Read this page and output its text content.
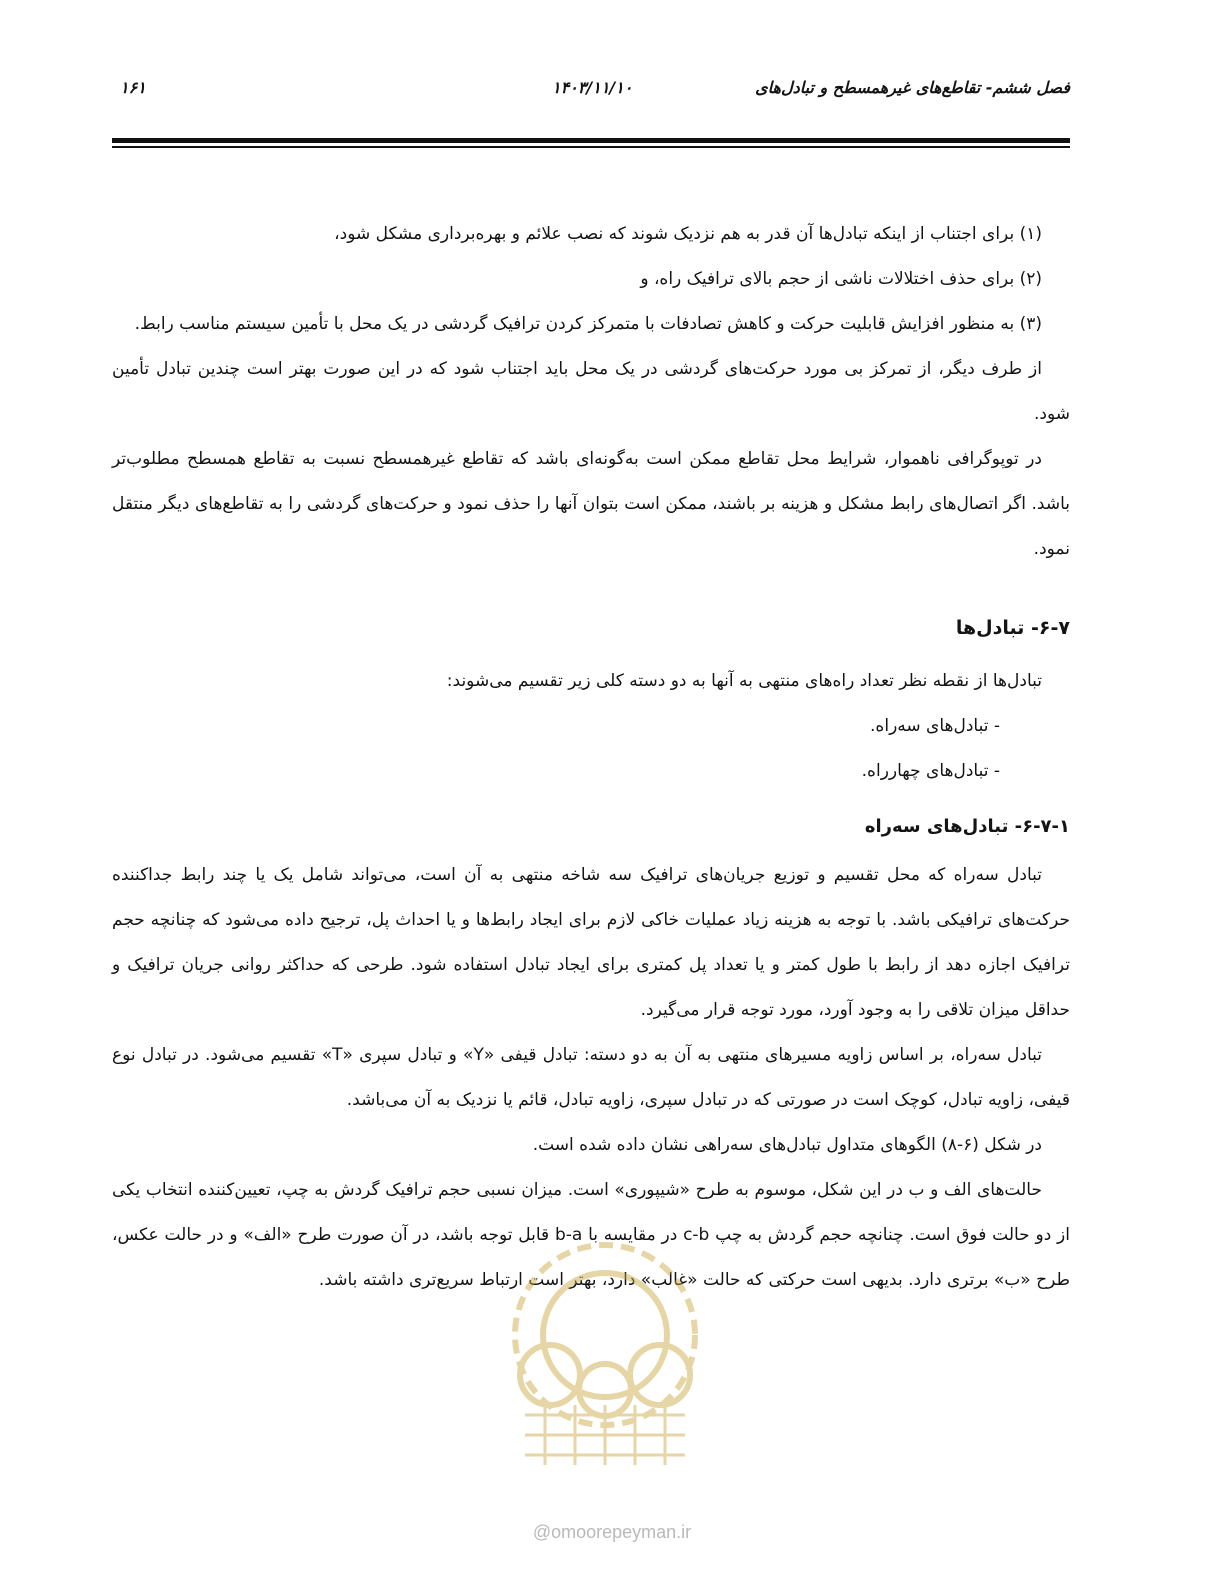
فصل ششم- تقاطع‌های غیرهمسطح و تبادل‌های
۱۴۰۳/۱۱/۱۰
۱۶۱

(۱) برای اجتناب از اینکه تبادل‌ها آن قدر به هم نزدیک شوند که نصب علائم و بهره‌برداری مشکل شود،

(۲) برای حذف اختلالات ناشی از حجم بالای ترافیک راه، و

(۳) به منظور افزایش قابلیت حرکت و کاهش تصادفات با متمرکز کردن ترافیک گردشی در یک محل با تأمین سیستم مناسب رابط.

از طرف دیگر، از تمرکز بی مورد حرکت‌های گردشی در یک محل باید اجتناب شود که در این صورت بهتر است چندین تبادل تأمین شود.

در توپوگرافی ناهموار، شرایط محل تقاطع ممکن است به‌گونه‌ای باشد که تقاطع غیرهمسطح نسبت به تقاطع همسطح مطلوب‌تر باشد. اگر اتصال‌های رابط مشکل و هزینه بر باشند، ممکن است بتوان آنها را حذف نمود و حرکت‌های گردشی را به تقاطع‌های دیگر منتقل نمود.

۶-۷- تبادل‌ها

تبادل‌ها از نقطه نظر تعداد راه‌های منتهی به آنها به دو دسته کلی زیر تقسیم می‌شوند:

- تبادل‌های سه‌راه.
- تبادل‌های چهارراه.
۶-۷-۱- تبادل‌های سه‌راه

تبادل سه‌راه که محل تقسیم و توزیع جریان‌های ترافیک سه شاخه منتهی به آن است، می‌تواند شامل یک یا چند رابط جداکننده حرکت‌های ترافیکی باشد. با توجه به هزینه زیاد عملیات خاکی لازم برای ایجاد رابط‌ها و یا احداث پل، ترجیح داده می‌شود که چنانچه حجم ترافیک اجازه دهد از رابط با طول کمتر و یا تعداد پل کمتری برای ایجاد تبادل استفاده شود. طرحی که حداکثر روانی جریان ترافیک و حداقل میزان تلاقی را به وجود آورد، مورد توجه قرار می‌گیرد.

تبادل سه‌راه، بر اساس زاویه مسیرهای منتهی به آن به دو دسته: تبادل قیفی «Y» و تبادل سپری «T» تقسیم می‌شود. در تبادل نوع قیفی، زاویه تبادل، کوچک است در صورتی که در تبادل سپری، زاویه تبادل، قائم یا نزدیک به آن می‌باشد.

در شکل (۶-۸) الگوهای متداول تبادل‌های سه‌راهی نشان داده شده است.

حالت‌های الف و ب در این شکل، موسوم به طرح «شیپوری» است. میزان نسبی حجم ترافیک گردش به چپ، تعیین‌کننده انتخاب یکی از دو حالت فوق است. چنانچه حجم گردش به چپ c-b در مقایسه با b-a قابل توجه باشد، در آن صورت طرح «الف» و در حالت عکس، طرح «ب» برتری دارد. بدیهی است حرکتی که حالت «غالب» دارد، بهتر است ارتباط سریع‌تری داشته باشد.

@omoorepeyman.ir
